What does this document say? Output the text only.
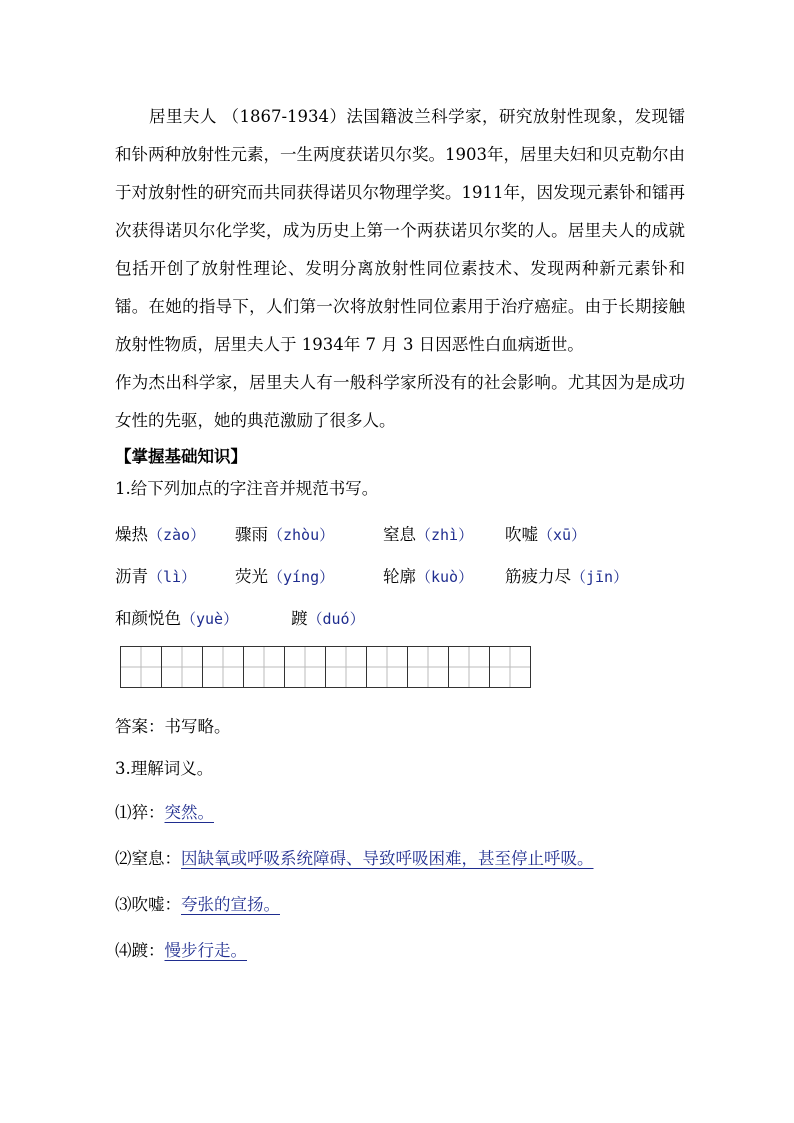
居里夫人 （1867-1934）法国籍波兰科学家，研究放射性现象，发现镭和钋两种放射性元素，一生两度获诺贝尔奖。1903年，居里夫妇和贝克勒尔由于对放射性的研究而共同获得诺贝尔物理学奖。1911年，因发现元素钋和镭再次获得诺贝尔化学奖，成为历史上第一个两获诺贝尔奖的人。居里夫人的成就包括开创了放射性理论、发明分离放射性同位素技术、发现两种新元素钋和镭。在她的指导下，人们第一次将放射性同位素用于治疗癌症。由于长期接触放射性物质，居里夫人于 1934年 7 月 3 日因恶性白血病逝世。

作为杰出科学家，居里夫人有一般科学家所没有的社会影响。尤其因为是成功女性的先驱，她的典范激励了很多人。

【掌握基础知识】
1.给下列加点的字注音并规范书写。
燥热（zào） 骤雨（zhòu）	窒息（zhì） 吹嘘（xū）
沥青（lì） 荧光（yíng）	轮廓（kuò） 筋疲力尽（jīn）
和颜悦色（yuè）	踱（duó）
答案：书写略。
3.理解词义。
⑴猝：突然。
⑵窒息：因缺氧或呼吸系统障碍、导致呼吸困难，甚至停止呼吸。
⑶吹嘘：夸张的宣扬。
⑷踱：慢步行走。
